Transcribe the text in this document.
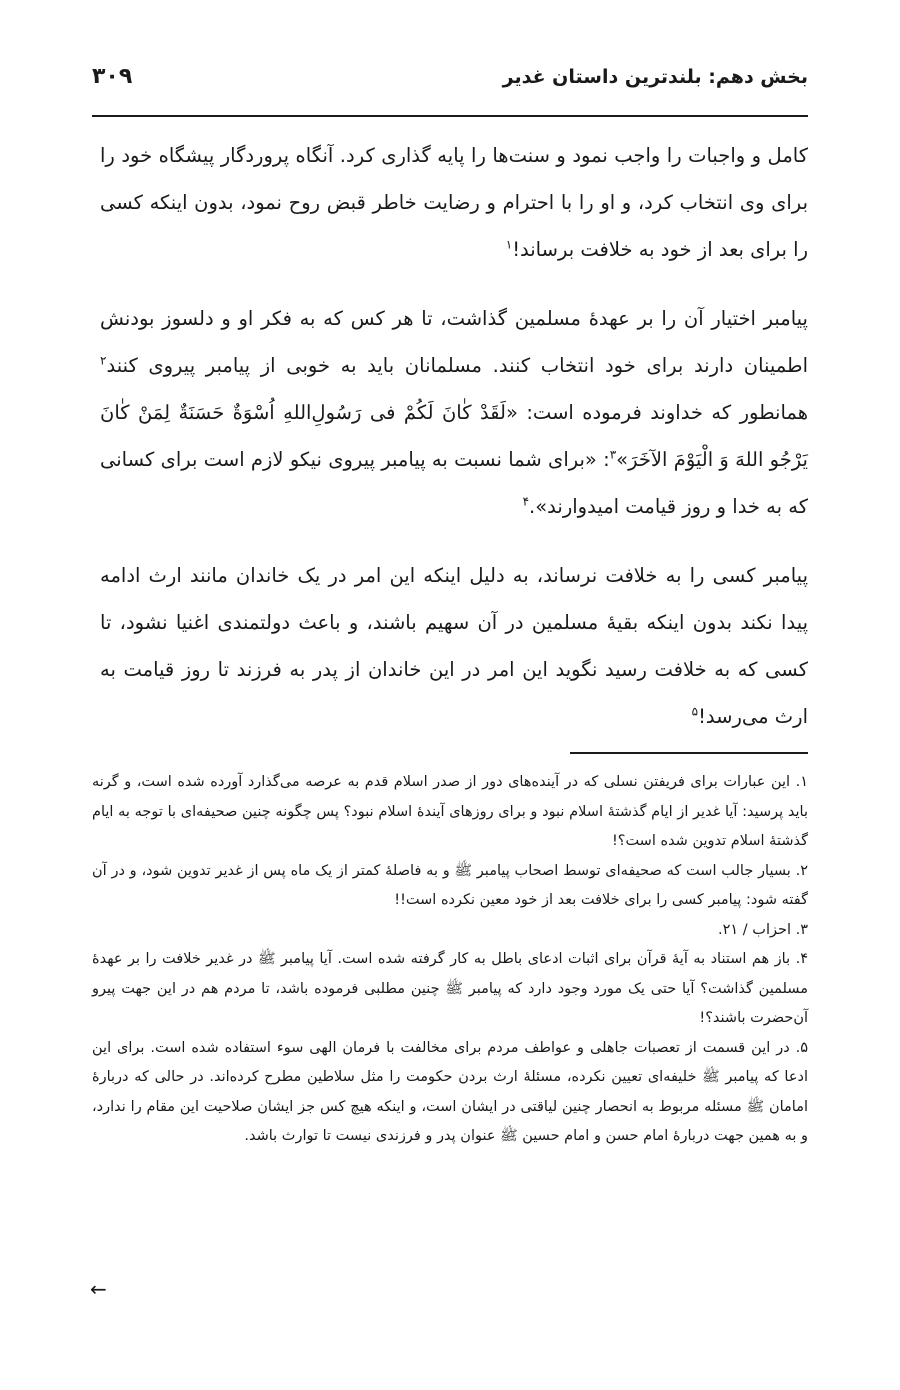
بخش دهم: بلندترین داستان غدیر
۳۰۹

کامل و واجبات را واجب نمود و سنت‌ها را پایه گذاری کرد. آنگاه پروردگار پیشگاه خود را برای وی انتخاب کرد، و او را با احترام و رضایت خاطر قبض روح نمود، بدون اینکه کسی را برای بعد از خود به خلافت برساند!$^۱$

پیامبر اختیار آن را بر عهدهٔ مسلمین گذاشت، تا هر کس که به فکر او و دلسوز بودنش اطمینان دارند برای خود انتخاب کنند. مسلمانان باید به خوبی از پیامبر پیروی کنند$^۲$ همانطور که خداوند فرموده است: «لَقَدْ كٰانَ لَكُمْ فى رَسُولِ‌اللهِ اُسْوَةٌ حَسَنَةٌ لِمَنْ كٰانَ يَرْجُو اللهَ وَ الْيَوْمَ الآخَرَ»$^۳$: «برای شما نسبت به پیامبر پیروی نیکو لازم است برای کسانی که به خدا و روز قیامت امیدوارند».$^۴$

پیامبر کسی را به خلافت نرساند، به دلیل اینکه این امر در یک خاندان مانند ارث ادامه پیدا نکند بدون اینکه بقیهٔ مسلمین در آن سهیم باشند، و باعث دولتمندی اغنیا نشود، تا کسی که به خلافت رسید نگوید این امر در این خاندان از پدر به فرزند تا روز قیامت به ارث می‌رسد!$^۵$

۱. این عبارات برای فریفتن نسلی که در آینده‌های دور از صدر اسلام قدم به عرصه می‌گذارد آورده شده است، و گرنه باید پرسید: آیا غدیر از ایام گذشتهٔ اسلام نبود و برای روزهای آیندهٔ اسلام نبود؟ پس چگونه چنین صحیفه‌ای با توجه به ایام گذشتهٔ اسلام تدوین شده است؟!

۲. بسیار جالب است که صحیفه‌ای توسط اصحاب پیامبر ﷺ و به فاصلهٔ کمتر از یک ماه پس از غدیر تدوین شود، و در آن گفته شود: پیامبر کسی را برای خلافت بعد از خود معین نکرده است!!

۳. احزاب / ۲۱.

۴. باز هم استناد به آیهٔ قرآن برای اثبات ادعای باطل به کار گرفته شده است. آیا پیامبر ﷺ در غدیر خلافت را بر عهدهٔ مسلمین گذاشت؟ آیا حتی یک مورد وجود دارد که پیامبر ﷺ چنین مطلبی فرموده باشد، تا مردم هم در این جهت پیرو آن‌حضرت باشند؟!

۵. در این قسمت از تعصبات جاهلی و عواطف مردم برای مخالفت با فرمان الهی سوء استفاده شده است. برای این ادعا که پیامبر ﷺ خلیفه‌ای تعیین نکرده، مسئلهٔ ارث بردن حکومت را مثل سلاطین مطرح کرده‌اند. در حالی که دربارهٔ امامان ﷺ مسئله مربوط به انحصار چنین لیاقتی در ایشان است، و اینکه هیچ کس جز ایشان صلاحیت این مقام را ندارد، و به همین جهت دربارهٔ امام حسن و امام حسین ﷺ عنوان پدر و فرزندی نیست تا توارث باشد.

←
